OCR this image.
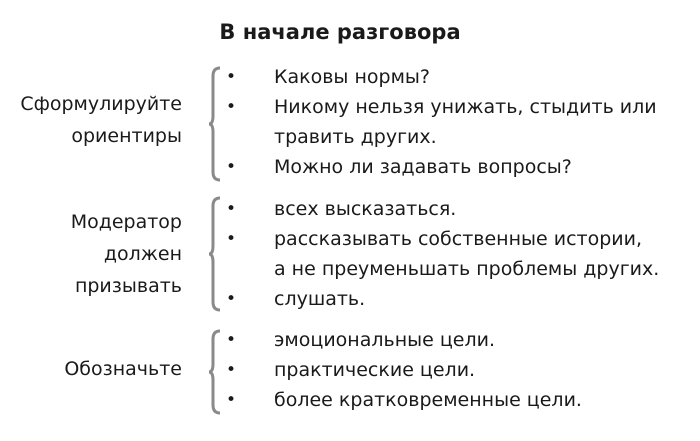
В начале разговора
Сформулируйте
ориентиры
•	Каковы нормы?
•	Никому нельзя унижать, стыдить или
травить других.
•	Можно ли задавать вопросы?
Модератор
должен
призывать
•	всех высказаться.
•	рассказывать собственные истории,
а не преуменьшать проблемы других.
•	слушать.
Обозначьте
•	эмоциональные цели.
•	практические цели.
•	более кратковременные цели.
